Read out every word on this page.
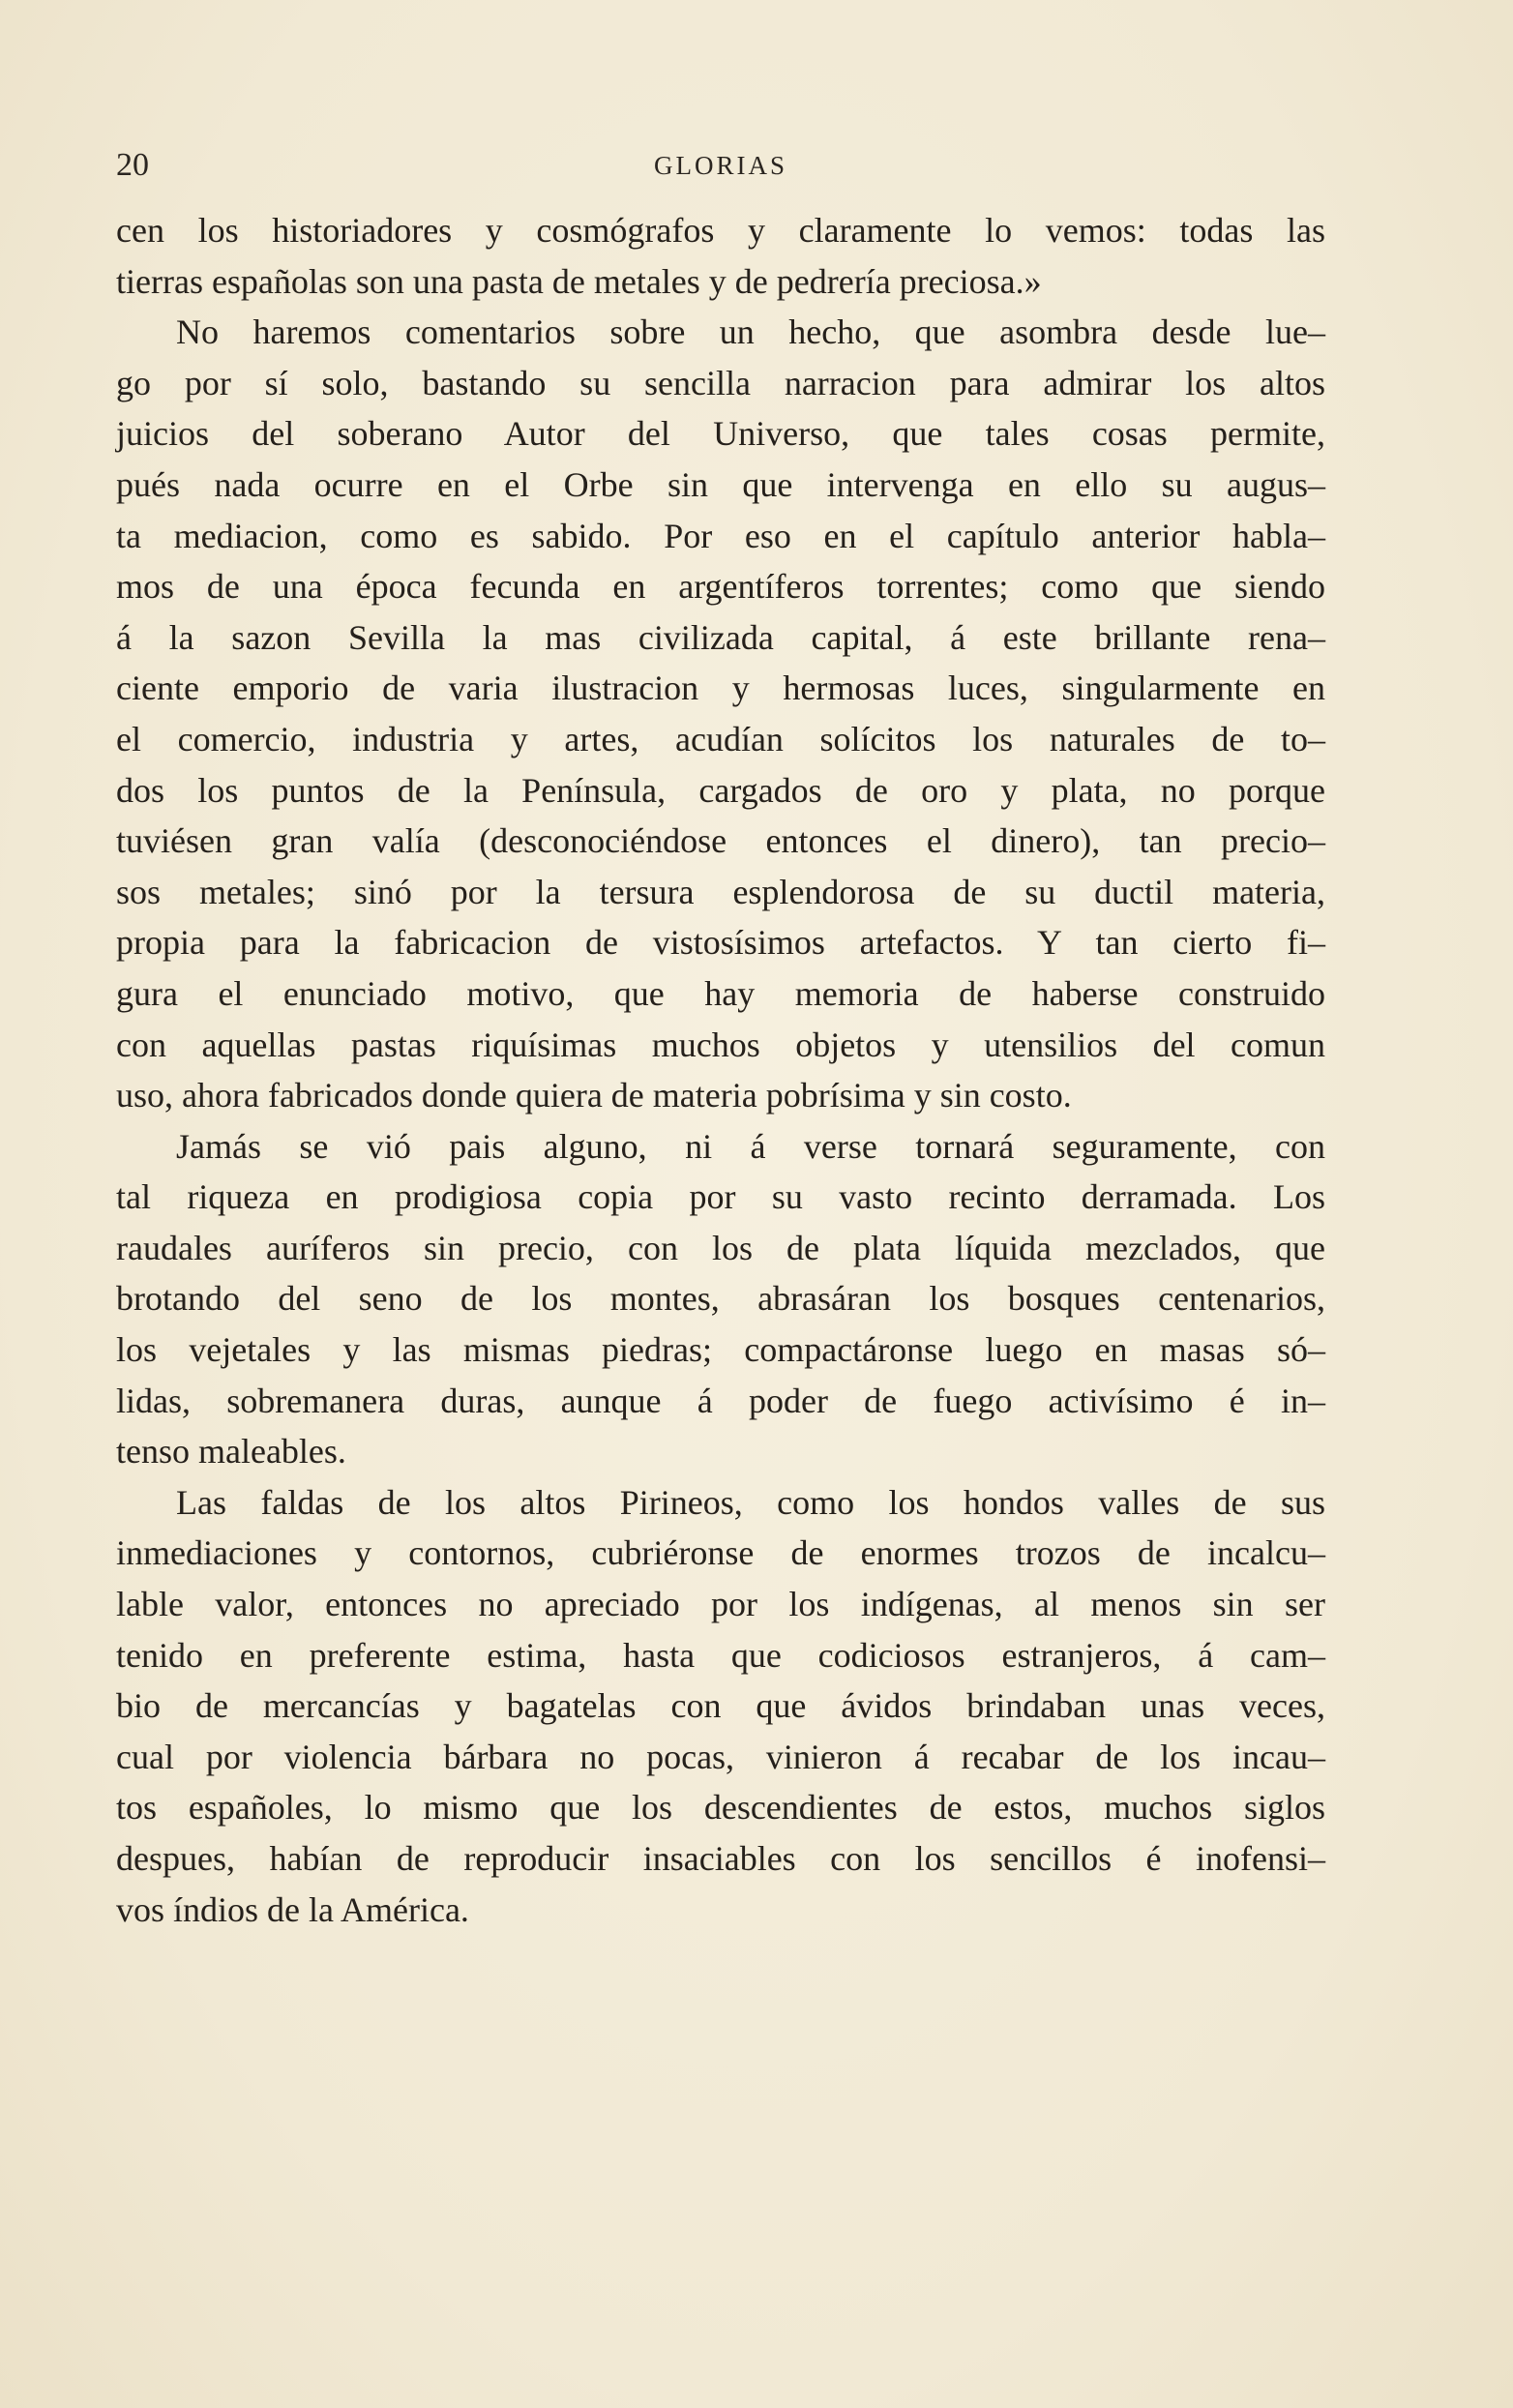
20	GLORIAS
cen los historiadores y cosmógrafos y claramente lo vemos: todas las
tierras españolas son una pasta de metales y de pedrería preciosa.»
No haremos comentarios sobre un hecho, que asombra desde lue–
go por sí solo, bastando su sencilla narracion para admirar los altos
juicios del soberano Autor del Universo, que tales cosas permite,
pués nada ocurre en el Orbe sin que intervenga en ello su augus–
ta mediacion, como es sabido. Por eso en el capítulo anterior habla–
mos de una época fecunda en argentíferos torrentes; como que siendo
á la sazon Sevilla la mas civilizada capital, á este brillante rena–
ciente emporio de varia ilustracion y hermosas luces, singularmente en
el comercio, industria y artes, acudían solícitos los naturales de to–
dos los puntos de la Península, cargados de oro y plata, no porque
tuviésen gran valía (desconociéndose entonces el dinero), tan precio–
sos metales; sinó por la tersura esplendorosa de su ductil materia,
propia para la fabricacion de vistosísimos artefactos. Y tan cierto fi–
gura el enunciado motivo, que hay memoria de haberse construido
con aquellas pastas riquísimas muchos objetos y utensilios del comun
uso, ahora fabricados donde quiera de materia pobrísima y sin costo.
Jamás se vió pais alguno, ni á verse tornará seguramente, con
tal riqueza en prodigiosa copia por su vasto recinto derramada. Los
raudales auríferos sin precio, con los de plata líquida mezclados, que
brotando del seno de los montes, abrasáran los bosques centenarios,
los vejetales y las mismas piedras; compactáronse luego en masas só–
lidas, sobremanera duras, aunque á poder de fuego activísimo é in–
tenso maleables.
Las faldas de los altos Pirineos, como los hondos valles de sus
inmediaciones y contornos, cubriéronse de enormes trozos de incalcu–
lable valor, entonces no apreciado por los indígenas, al menos sin ser
tenido en preferente estima, hasta que codiciosos estranjeros, á cam–
bio de mercancías y bagatelas con que ávidos brindaban unas veces,
cual por violencia bárbara no pocas, vinieron á recabar de los incau–
tos españoles, lo mismo que los descendientes de estos, muchos siglos
despues, habían de reproducir insaciables con los sencillos é inofensi–
vos índios de la América.
